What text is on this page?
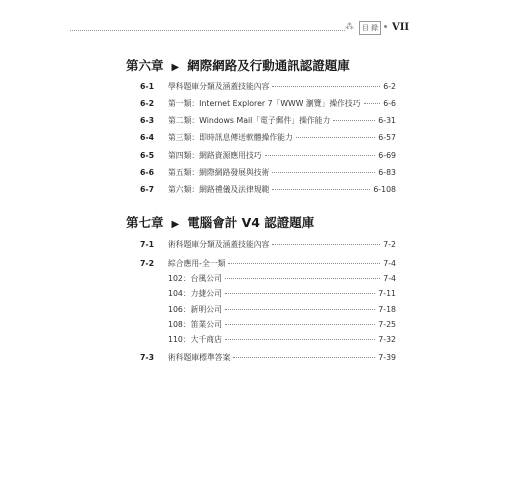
⁂	目 錄 VII
第六章 ▶ 網際網路及行動通訊認證題庫
6-1	學科題庫分類及涵蓋技能內容	6-2
6-2	第一類：Internet Explorer 7「WWW 瀏覽」操作技巧	6-6
6-3	第二類：Windows Mail「電子郵件」操作能力	6-31
6-4	第三類：即時訊息傳送軟體操作能力	6-57
6-5	第四類：網路資源應用技巧	6-69
6-6	第五類：網際網路發展與技術	6-83
6-7	第六類：網路禮儀及法律規範	6-108
第七章 ▶ 電腦會計 V4 認證題庫
7-1	術科題庫分類及涵蓋技能內容	7-2
7-2	綜合應用-全一類	7-4
102：台風公司	7-4
104：力捷公司	7-11
106：新明公司	7-18
108：笛業公司	7-25
110：大千商店	7-32
7-3	術科題庫標準答案	7-39
